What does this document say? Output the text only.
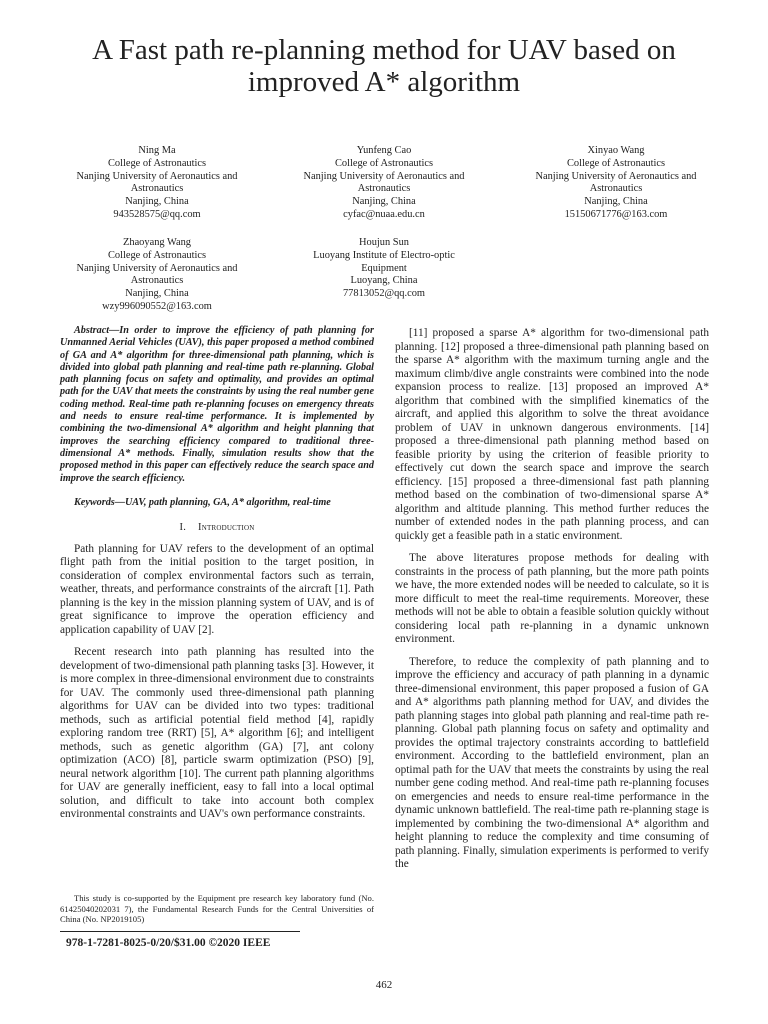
A Fast path re-planning method for UAV based on
improved A* algorithm
Ning Ma
College of Astronautics
Nanjing University of Aeronautics and
Astronautics
Nanjing, China
943528575@qq.com
Yunfeng Cao
College of Astronautics
Nanjing University of Aeronautics and
Astronautics
Nanjing, China
cyfac@nuaa.edu.cn
Xinyao Wang
College of Astronautics
Nanjing University of Aeronautics and
Astronautics
Nanjing, China
15150671776@163.com
Zhaoyang Wang
College of Astronautics
Nanjing University of Aeronautics and
Astronautics
Nanjing, China
wzy996090552@163.com
Houjun Sun
Luoyang Institute of Electro-optic
Equipment
Luoyang, China
77813052@qq.com

Abstract—In order to improve the efficiency of path planning for Unmanned Aerial Vehicles (UAV), this paper proposed a method combined of GA and A* algorithm for three-dimensional path planning, which is divided into global path planning and real-time path re-planning. Global path planning focus on safety and optimality, and provides an optimal path for the UAV that meets the constraints by using the real number gene coding method. Real-time path re-planning focuses on emergency threats and needs to ensure real-time performance. It is implemented by combining the two-dimensional A* algorithm and height planning that improves the searching efficiency compared to traditional three-dimensional A* methods. Finally, simulation results show that the proposed method in this paper can effectively reduce the search space and improve the search efficiency.

Keywords—UAV, path planning, GA, A* algorithm, real-time

I. Introduction

Path planning for UAV refers to the development of an optimal flight path from the initial position to the target position, in consideration of complex environmental factors such as terrain, weather, threats, and performance constraints of the aircraft [1]. Path planning is the key in the mission planning system of UAV, and is of great significance to improve the operation efficiency and application capability of UAV [2].

Recent research into path planning has resulted into the development of two-dimensional path planning tasks [3]. However, it is more complex in three-dimensional environment due to constraints for UAV. The commonly used three-dimensional path planning algorithms for UAV can be divided into two types: traditional methods, such as artificial potential field method [4], rapidly exploring random tree (RRT) [5], A* algorithm [6]; and intelligent methods, such as genetic algorithm (GA) [7], ant colony optimization (ACO) [8], particle swarm optimization (PSO) [9], neural network algorithm [10]. The current path planning algorithms for UAV are generally inefficient, easy to fall into a local optimal solution, and difficult to take into account both complex environmental constraints and UAV's own performance constraints.

This study is co-supported by the Equipment pre research key laboratory fund (No. 61425040202031 7), the Fundamental Research Funds for the Central Universities of China (No. NP2019105)

978-1-7281-8025-0/20/$31.00 ©2020 IEEE

[11] proposed a sparse A* algorithm for two-dimensional path planning. [12] proposed a three-dimensional path planning based on the sparse A* algorithm with the maximum turning angle and the maximum climb/dive angle constraints were combined into the node expansion process to realize. [13] proposed an improved A* algorithm that combined with the simplified kinematics of the aircraft, and applied this algorithm to solve the threat avoidance problem of UAV in unknown dangerous environments. [14] proposed a three-dimensional path planning method based on feasible priority by using the criterion of feasible priority to effectively cut down the search space and improve the search efficiency. [15] proposed a three-dimensional fast path planning method based on the combination of two-dimensional sparse A* algorithm and altitude planning. This method further reduces the number of extended nodes in the path planning process, and can quickly get a feasible path in a static environment.

The above literatures propose methods for dealing with constraints in the process of path planning, but the more path points we have, the more extended nodes will be needed to calculate, so it is more difficult to meet the real-time requirements. Moreover, these methods will not be able to obtain a feasible solution quickly without considering local path re-planning in a dynamic unknown environment.

Therefore, to reduce the complexity of path planning and to improve the efficiency and accuracy of path planning in a dynamic three-dimensional environment, this paper proposed a fusion of GA and A* algorithms path planning method for UAV, and divides the path planning stages into global path planning and real-time path re-planning. Global path planning focus on safety and optimality and provides the optimal trajectory constraints according to battlefield environment. According to the battlefield environment, plan an optimal path for the UAV that meets the constraints by using the real number gene coding method. And real-time path re-planning focuses on emergencies and needs to ensure real-time performance in the dynamic unknown battlefield. The real-time path re-planning stage is implemented by combining the two-dimensional A* algorithm and height planning to reduce the complexity and time consuming of path planning. Finally, simulation experiments is performed to verify the

462
